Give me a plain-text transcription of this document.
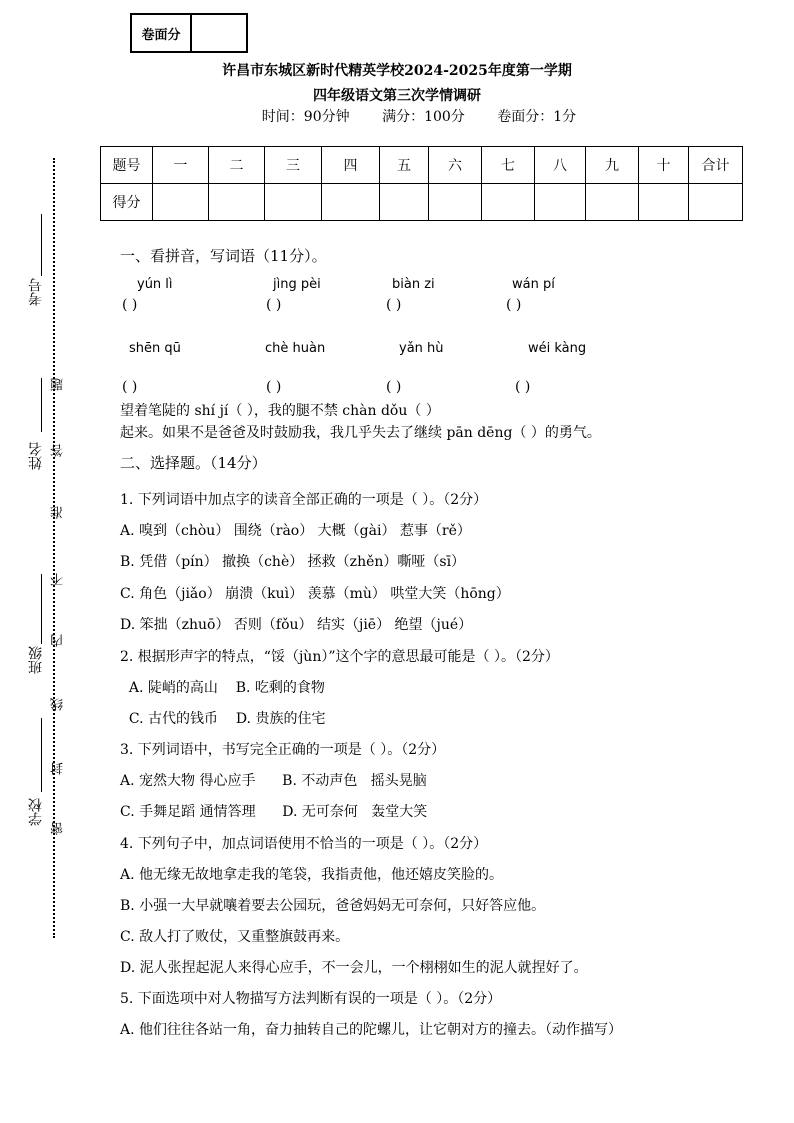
卷面分
许昌市东城区新时代精英学校2024-2025年度第一学期
四年级语文第三次学情调研
时间：90分钟 满分：100分 卷面分：1分
题号	一	二	三	四	五	六	七	八	九	十	合计
得分											
考号
姓名
班级
学校
题
答
准
不
内
线
封
密
一、看拼音，写词语（11分）。
yún lì	jìng pèi	biàn zi	wán pí
( )	( )	( )	( )
shēn qū	chè huàn	yǎn hù	wéi kàng
( )	( )	( )	( )
望着笔陡的 shí jí（ ），我的腿不禁 chàn dǒu（ ）
起来。如果不是爸爸及时鼓励我，我几乎失去了继续 pān dēng（ ）的勇气。
二、选择题。（14分）
1. 下列词语中加点字的读音全部正确的一项是（ ）。（2分）
A. 嗅到（chòu） 围绕（rào） 大概（gài） 惹事（rě）
B. 凭借（pín） 撤换（chè） 拯救（zhěn）嘶哑（sī）
C. 角色（jiǎo） 崩溃（kuì） 羡慕（mù） 哄堂大笑（hōng）
D. 笨拙（zhuō） 否则（fǒu） 结实（jiē） 绝望（jué）
2. 根据形声字的特点，“馁（jùn）”这个字的意思最可能是（ ）。（2分）
A. 陡峭的高山    B. 吃剩的食物
C. 古代的钱币    D. 贵族的住宅
3. 下列词语中，书写完全正确的一项是（ ）。（2分）
A. 宠然大物 得心应手      B. 不动声色   摇头晃脑
C. 手舞足蹈 通情答理      D. 无可奈何   轰堂大笑
4. 下列句子中，加点词语使用不恰当的一项是（ ）。（2分）
A. 他无缘无故地拿走我的笔袋，我指责他，他还嬉皮笑脸的。
B. 小强一大早就嚷着要去公园玩，爸爸妈妈无可奈何，只好答应他。
C. 敌人打了败仗，又重整旗鼓再来。
D. 泥人张捏起泥人来得心应手，不一会儿，一个栩栩如生的泥人就捏好了。
5. 下面选项中对人物描写方法判断有误的一项是（ ）。（2分）
A. 他们往往各站一角，奋力抽转自己的陀螺儿，让它朝对方的撞去。（动作描写）
